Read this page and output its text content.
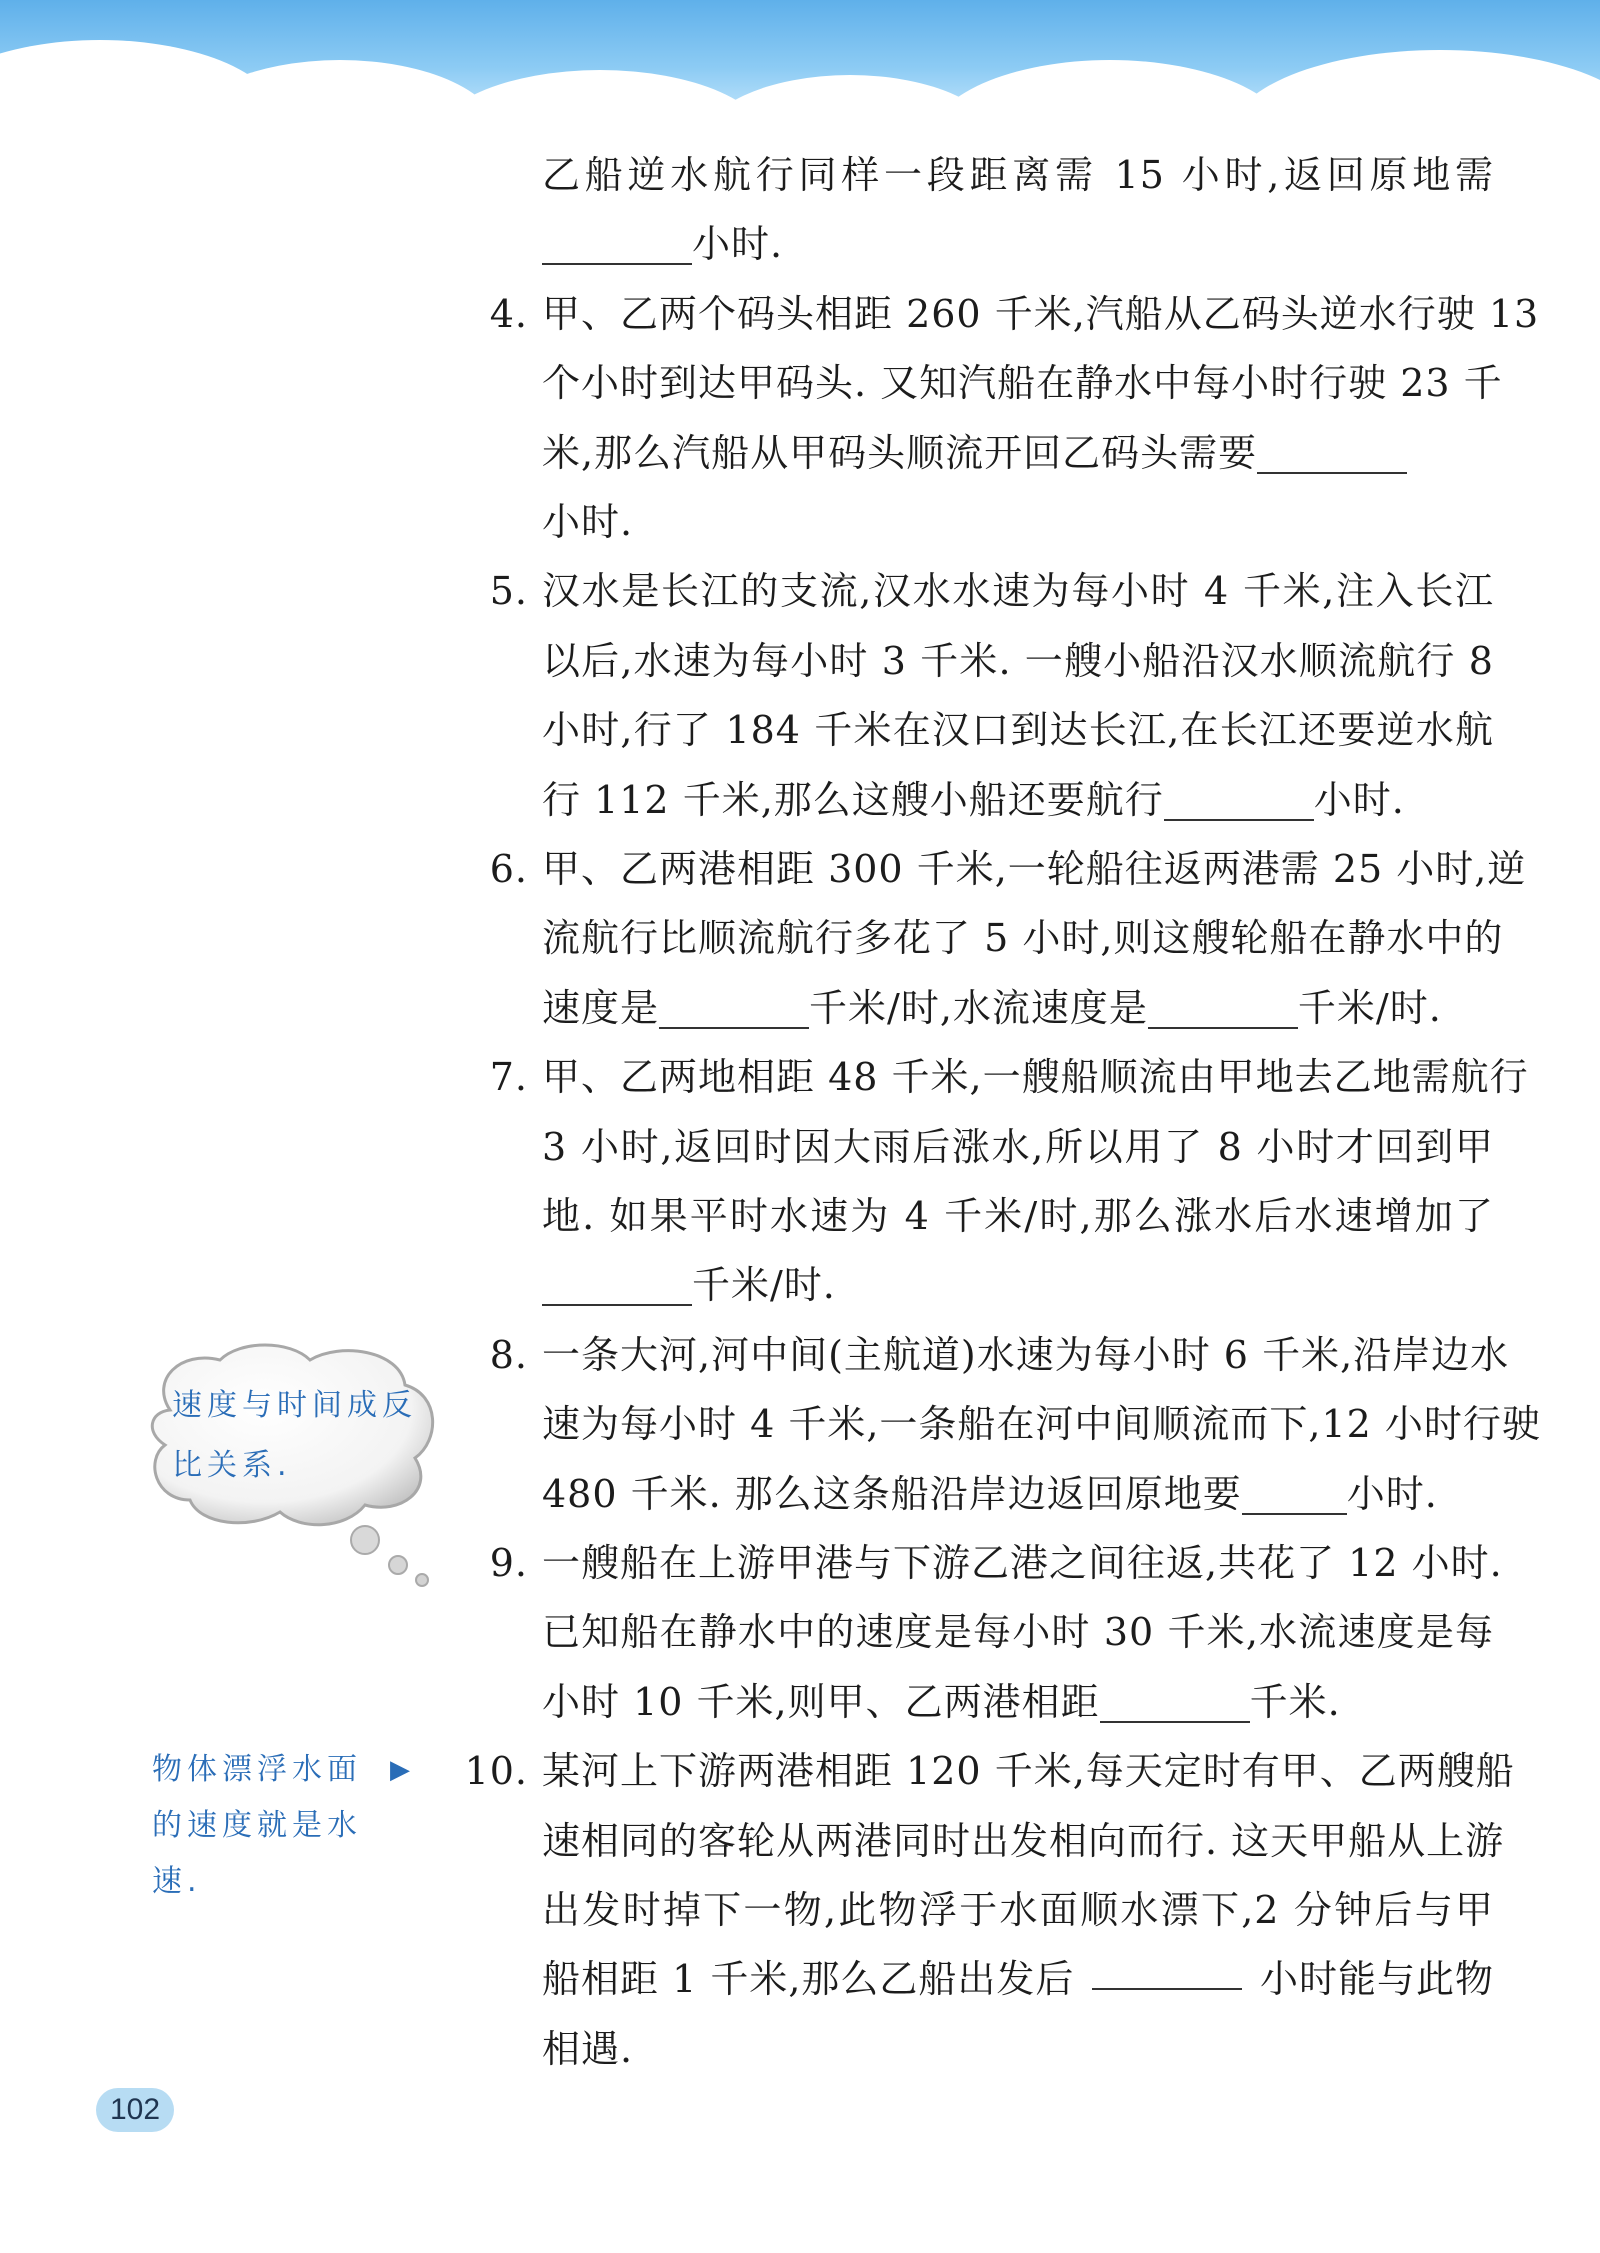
速度与时间成反
比关系.
物体漂浮水面 ▶
的速度就是水
速.
乙船逆水航行同样一段距离需 15 小时,返回原地需
小时.
4. 甲、乙两个码头相距 260 千米,汽船从乙码头逆水行驶 13
个小时到达甲码头. 又知汽船在静水中每小时行驶 23 千
米,那么汽船从甲码头顺流开回乙码头需要
小时.
5. 汉水是长江的支流,汉水水速为每小时 4 千米,注入长江
以后,水速为每小时 3 千米. 一艘小船沿汉水顺流航行 8
小时,行了 184 千米在汉口到达长江,在长江还要逆水航
行 112 千米,那么这艘小船还要航行	小时.
6. 甲、乙两港相距 300 千米,一轮船往返两港需 25 小时,逆
流航行比顺流航行多花了 5 小时,则这艘轮船在静水中的
速度是	千米/时,水流速度是	千米/时.
7. 甲、乙两地相距 48 千米,一艘船顺流由甲地去乙地需航行
3 小时,返回时因大雨后涨水,所以用了 8 小时才回到甲
地. 如果平时水速为 4 千米/时,那么涨水后水速增加了
千米/时.
8. 一条大河,河中间(主航道)水速为每小时 6 千米,沿岸边水
速为每小时 4 千米,一条船在河中间顺流而下,12 小时行驶
480 千米. 那么这条船沿岸边返回原地要	小时.
9. 一艘船在上游甲港与下游乙港之间往返,共花了 12 小时.
已知船在静水中的速度是每小时 30 千米,水流速度是每
小时 10 千米,则甲、乙两港相距	千米.
10. 某河上下游两港相距 120 千米,每天定时有甲、乙两艘船
速相同的客轮从两港同时出发相向而行. 这天甲船从上游
出发时掉下一物,此物浮于水面顺水漂下,2 分钟后与甲
船相距 1 千米,那么乙船出发后	小时能与此物
相遇.
102
